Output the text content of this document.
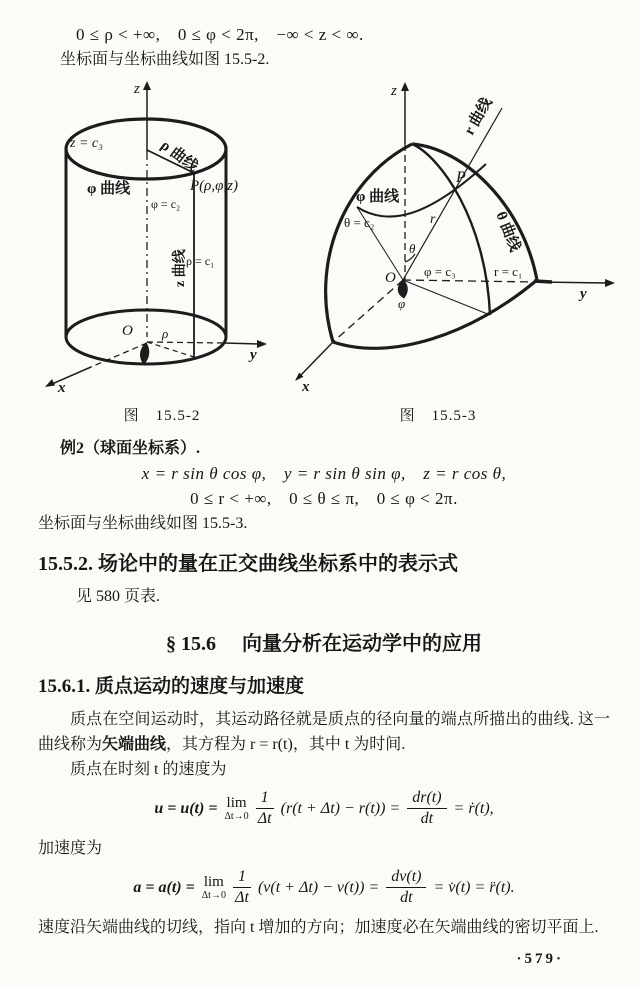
0 ≤ ρ < +∞,　0 ≤ φ < 2π,　−∞ < z < ∞.
坐标面与坐标曲线如图 15.5-2.
z
z = c₃	ρ 曲线
φ 曲线
φ = c₂
P(ρ,φ,z)
z 曲线
ρ = c₁
O ρ
y
x
z
r 曲线
P
φ 曲线
θ = c₂	r
θ	θ 曲线
φ = c₃	r = c₁
O
φ
y
x
图　15.5-2	图　15.5-3
例2（球面坐标系）.
x = r sin θ cos φ,　y = r sin θ sin φ,　z = r cos θ,
0 ≤ r < +∞,　0 ≤ θ ≤ π,　0 ≤ φ < 2π.
坐标面与坐标曲线如图 15.5-3.
15.5.2. 场论中的量在正交曲线坐标系中的表示式
见 580 页表.
§ 15.6 向量分析在运动学中的应用
15.6.1. 质点运动的速度与加速度
质点在空间运动时，其运动路径就是质点的径向量的端点所描出的曲线. 这一曲线称为矢端曲线，其方程为 r = r(t)，其中 t 为时间.
质点在时刻 t 的速度为
u = u(t) = lim
$\Delta t\to 0 \frac{1}{\Delta t} (r(t + \Delta t) - r(t)) = \frac{dr(t)}{dt}$ = ṙ(t),
加速度为
a = a(t) = lim
$\Delta t\to 0 \frac{1}{\Delta t} (v(t + \Delta t) - v(t)) = \frac{dv(t)}{dt}$ = v̇(t) = r̈(t).
速度沿矢端曲线的切线，指向 t 增加的方向；加速度必在矢端曲线的密切平面上.
·579·
